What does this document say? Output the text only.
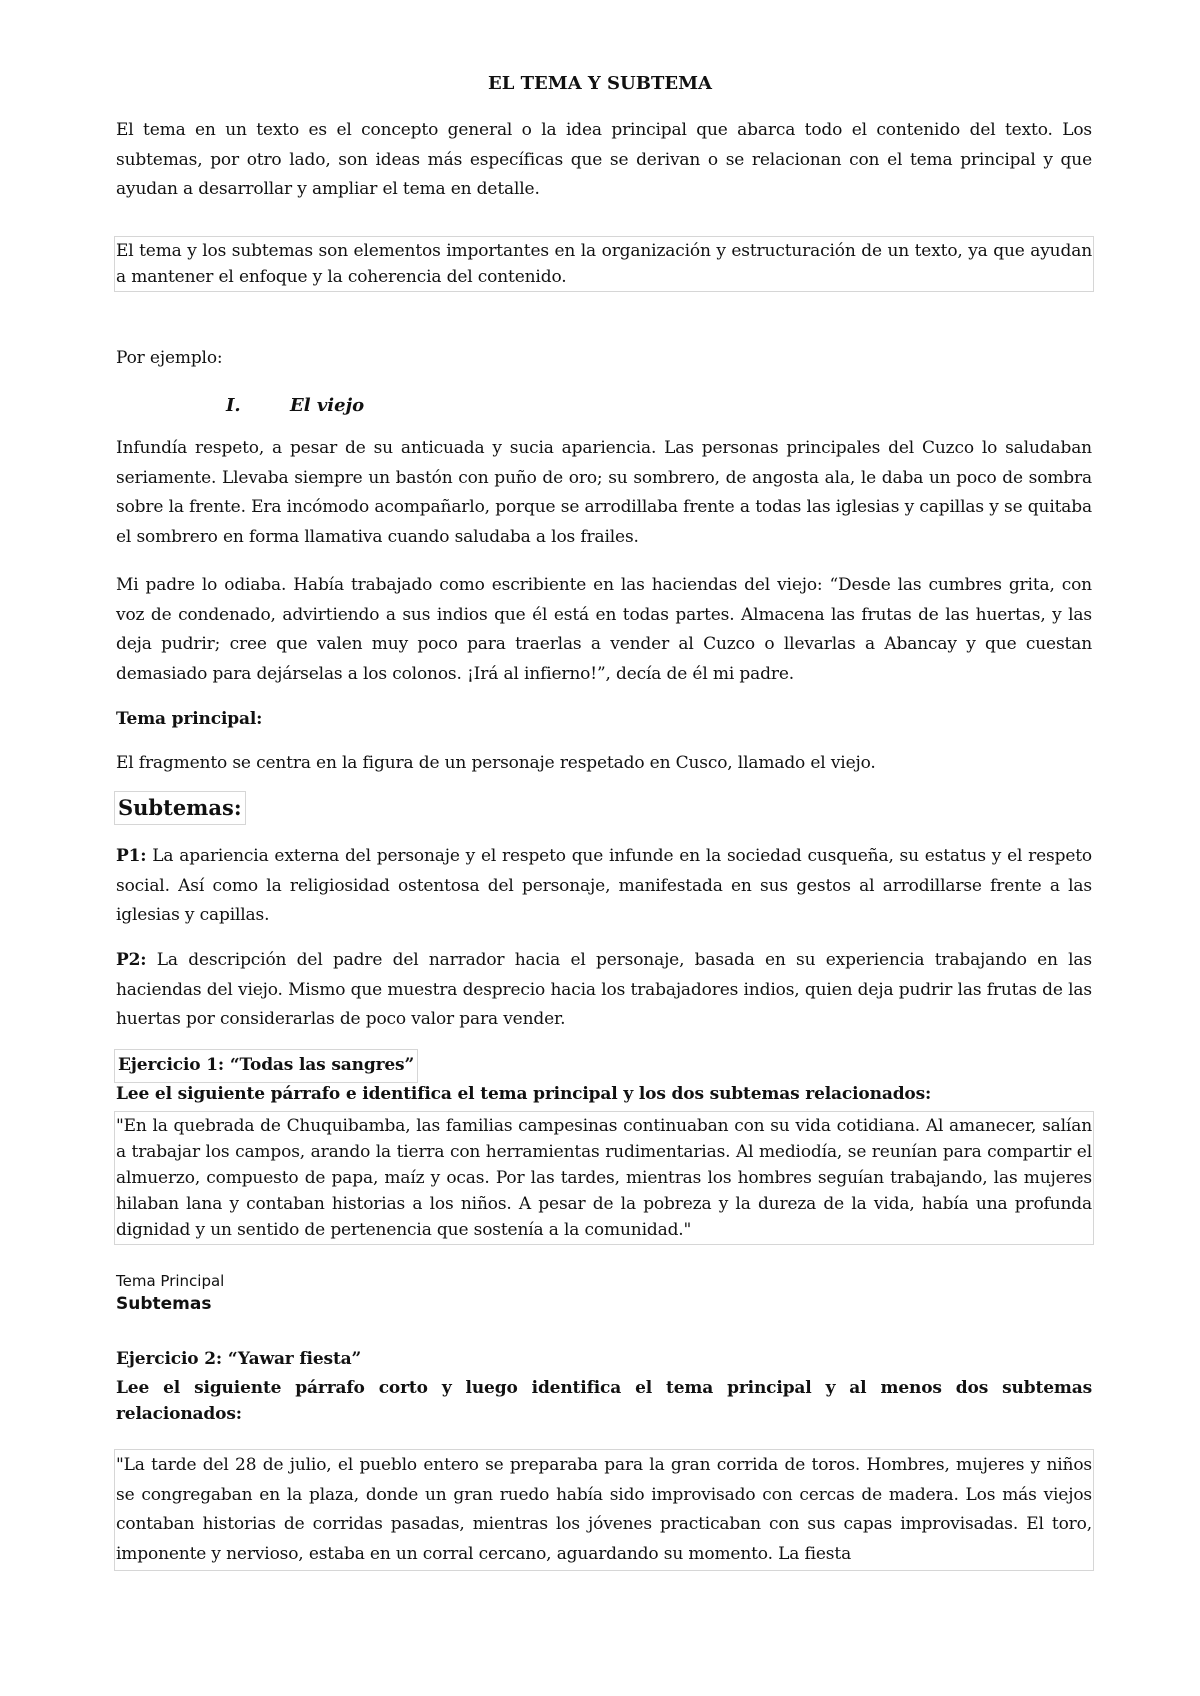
EL TEMA Y SUBTEMA

El tema en un texto es el concepto general o la idea principal que abarca todo el contenido del texto. Los subtemas, por otro lado, son ideas más específicas que se derivan o se relacionan con el tema principal y que ayudan a desarrollar y ampliar el tema en detalle.

El tema y los subtemas son elementos importantes en la organización y estructuración de un texto, ya que ayudan a mantener el enfoque y la coherencia del contenido.

Por ejemplo:

I.	El viejo

Infundía respeto, a pesar de su anticuada y sucia apariencia. Las personas principales del Cuzco lo saludaban seriamente. Llevaba siempre un bastón con puño de oro; su sombrero, de angosta ala, le daba un poco de sombra sobre la frente. Era incómodo acompañarlo, porque se arrodillaba frente a todas las iglesias y capillas y se quitaba el sombrero en forma llamativa cuando saludaba a los frailes.

Mi padre lo odiaba. Había trabajado como escribiente en las haciendas del viejo: “Desde las cumbres grita, con voz de condenado, advirtiendo a sus indios que él está en todas partes. Almacena las frutas de las huertas, y las deja pudrir; cree que valen muy poco para traerlas a vender al Cuzco o llevarlas a Abancay y que cuestan demasiado para dejárselas a los colonos. ¡Irá al infierno!”, decía de él mi padre.

Tema principal:

El fragmento se centra en la figura de un personaje respetado en Cusco, llamado el viejo.

Subtemas:

P1: La apariencia externa del personaje y el respeto que infunde en la sociedad cusqueña, su estatus y el respeto social. Así como la religiosidad ostentosa del personaje, manifestada en sus gestos al arrodillarse frente a las iglesias y capillas.

P2: La descripción del padre del narrador hacia el personaje, basada en su experiencia trabajando en las haciendas del viejo. Mismo que muestra desprecio hacia los trabajadores indios, quien deja pudrir las frutas de las huertas por considerarlas de poco valor para vender.

Ejercicio 1: “Todas las sangres”

Lee el siguiente párrafo e identifica el tema principal y los dos subtemas relacionados:

"En la quebrada de Chuquibamba, las familias campesinas continuaban con su vida cotidiana. Al amanecer, salían a trabajar los campos, arando la tierra con herramientas rudimentarias. Al mediodía, se reunían para compartir el almuerzo, compuesto de papa, maíz y ocas. Por las tardes, mientras los hombres seguían trabajando, las mujeres hilaban lana y contaban historias a los niños. A pesar de la pobreza y la dureza de la vida, había una profunda dignidad y un sentido de pertenencia que sostenía a la comunidad."

Tema Principal

Subtemas

Ejercicio 2: “Yawar fiesta”

Lee el siguiente párrafo corto y luego identifica el tema principal y al menos dos subtemas relacionados:

"La tarde del 28 de julio, el pueblo entero se preparaba para la gran corrida de toros. Hombres, mujeres y niños se congregaban en la plaza, donde un gran ruedo había sido improvisado con cercas de madera. Los más viejos contaban historias de corridas pasadas, mientras los jóvenes practicaban con sus capas improvisadas. El toro, imponente y nervioso, estaba en un corral cercano, aguardando su momento. La fiesta
